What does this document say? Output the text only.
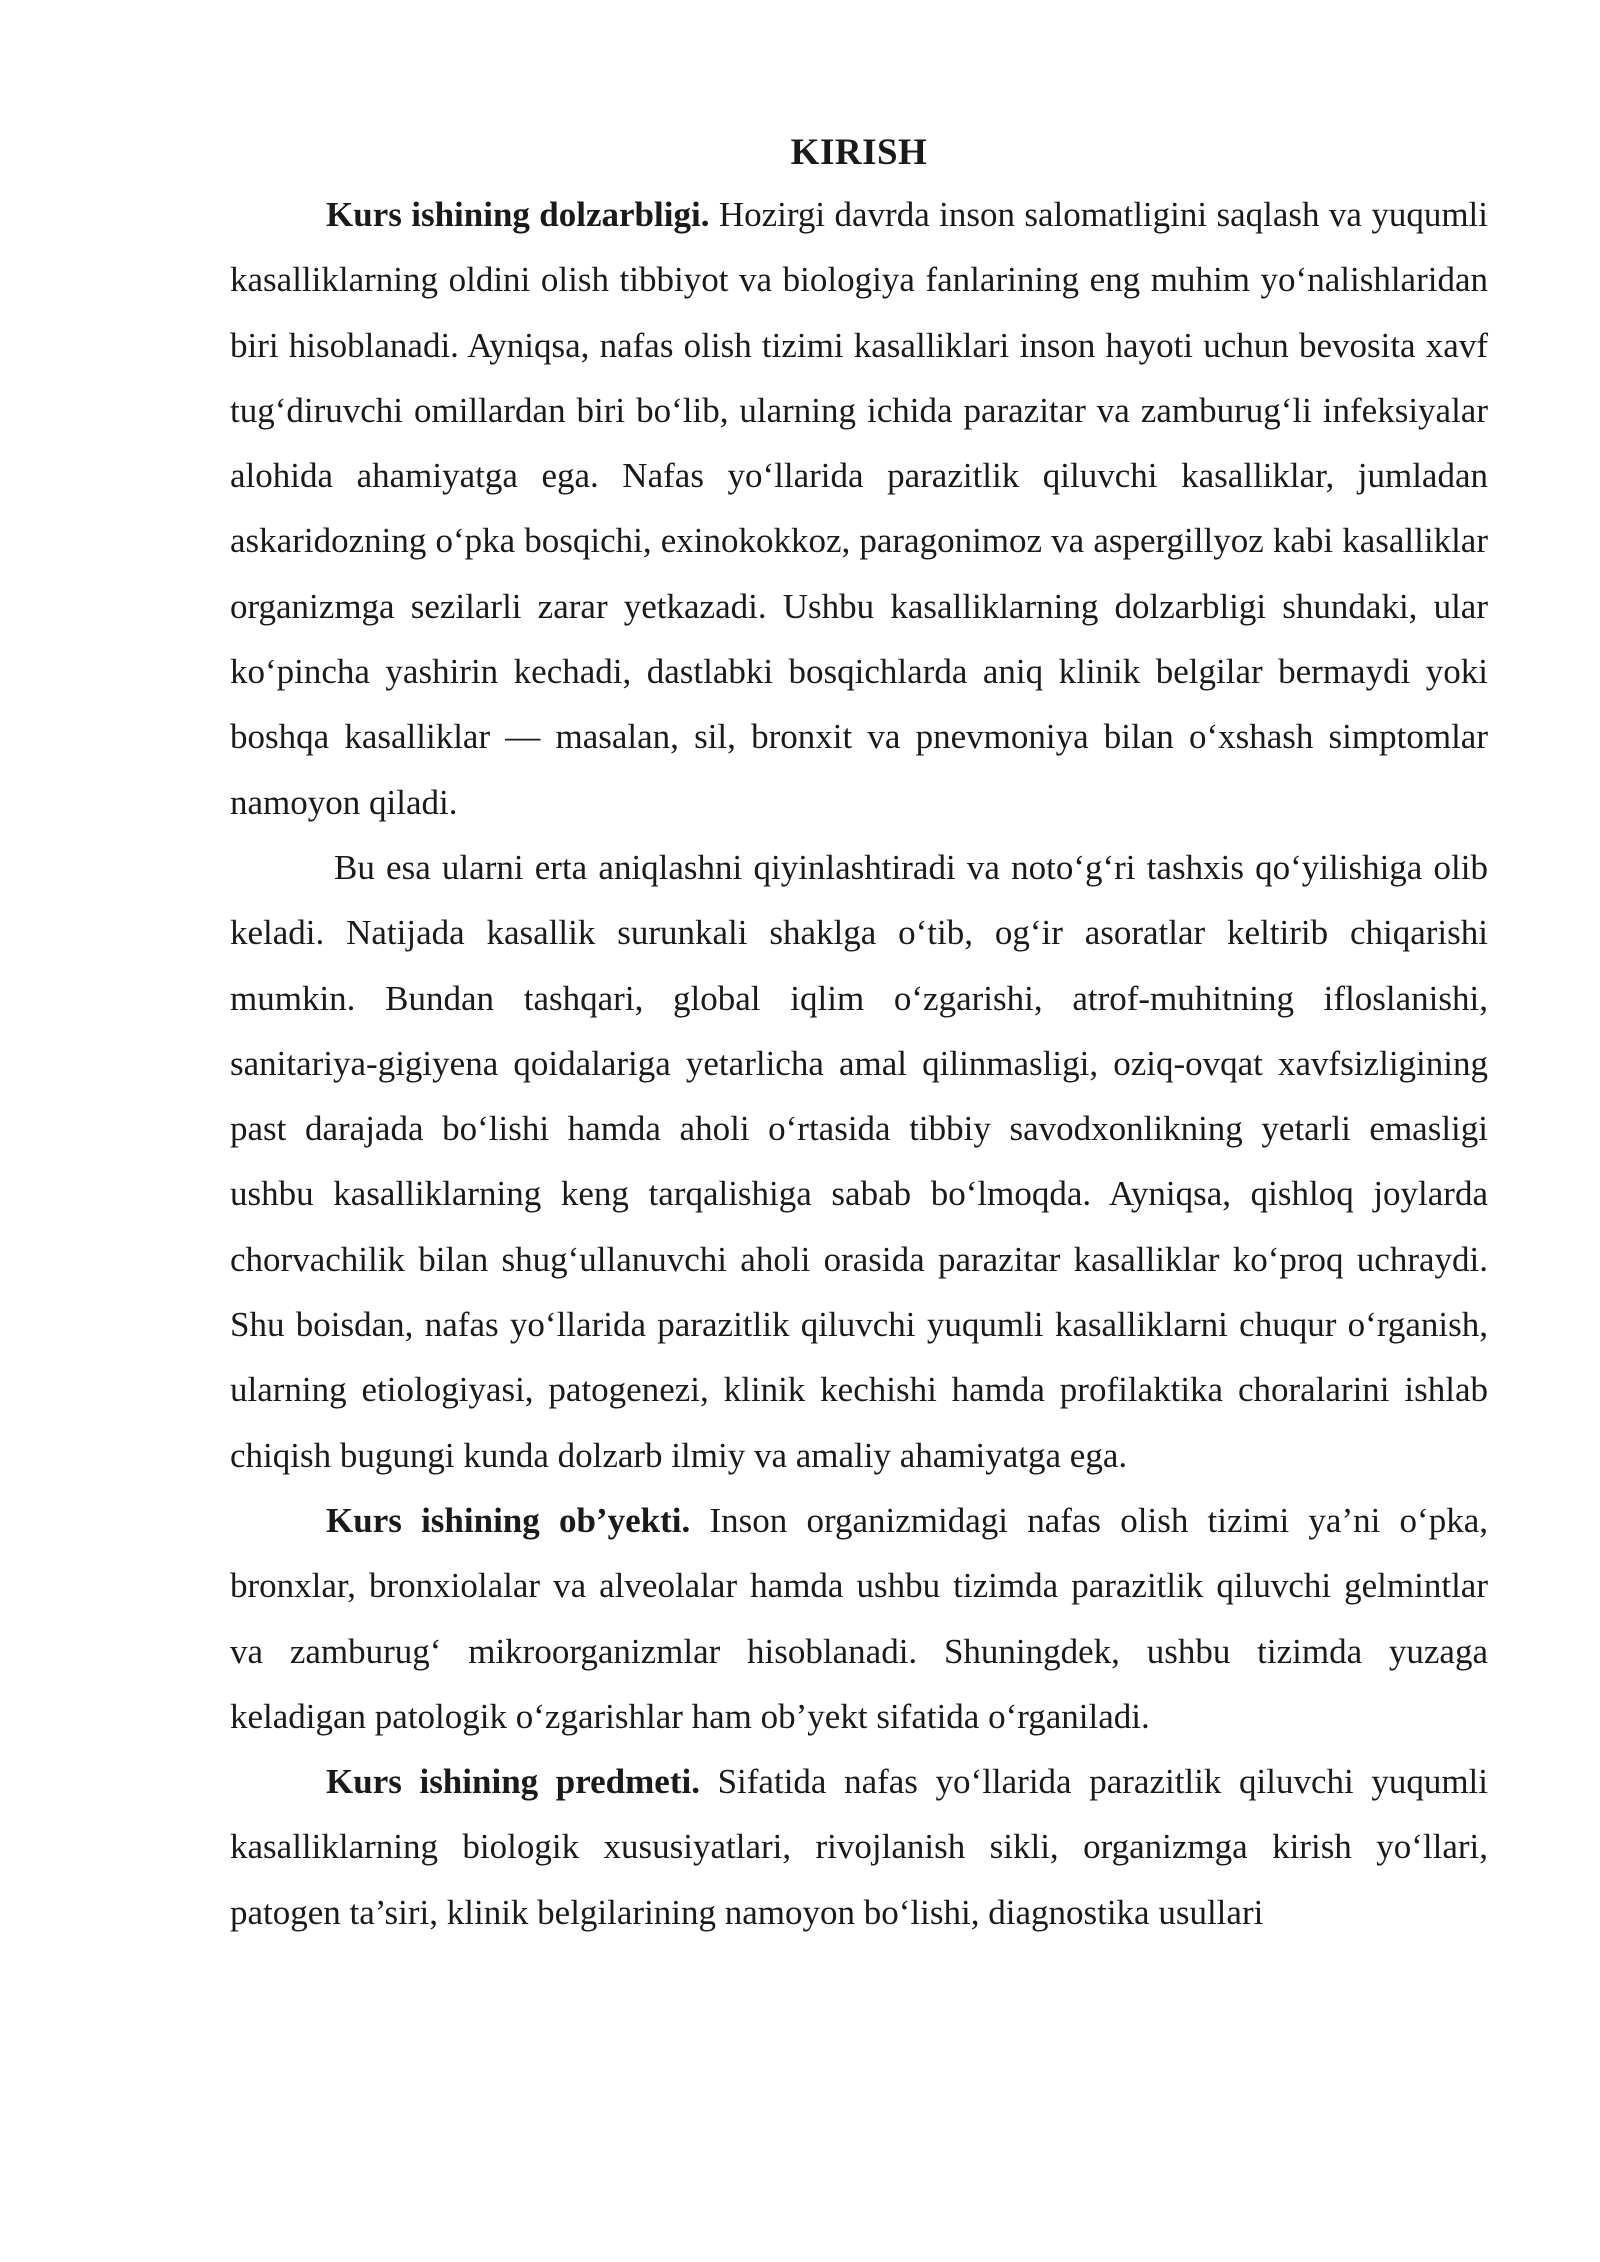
KIRISH

Kurs ishining dolzarbligi. Hozirgi davrda inson salomatligini saqlash va yuqumli kasalliklarning oldini olish tibbiyot va biologiya fanlarining eng muhim yo‘nalishlaridan biri hisoblanadi. Ayniqsa, nafas olish tizimi kasalliklari inson hayoti uchun bevosita xavf tug‘diruvchi omillardan biri bo‘lib, ularning ichida parazitar va zamburug‘li infeksiyalar alohida ahamiyatga ega. Nafas yo‘llarida parazitlik qiluvchi kasalliklar, jumladan askaridozning o‘pka bosqichi, exinokokkoz, paragonimoz va aspergillyoz kabi kasalliklar organizmga sezilarli zarar yetkazadi. Ushbu kasalliklarning dolzarbligi shundaki, ular ko‘pincha yashirin kechadi, dastlabki bosqichlarda aniq klinik belgilar bermaydi yoki boshqa kasalliklar — masalan, sil, bronxit va pnevmoniya bilan o‘xshash simptomlar namoyon qiladi.

Bu esa ularni erta aniqlashni qiyinlashtiradi va noto‘g‘ri tashxis qo‘yilishiga olib keladi. Natijada kasallik surunkali shaklga o‘tib, og‘ir asoratlar keltirib chiqarishi mumkin. Bundan tashqari, global iqlim o‘zgarishi, atrof-muhitning ifloslanishi, sanitariya-gigiyena qoidalariga yetarlicha amal qilinmasligi, oziq-ovqat xavfsizligining past darajada bo‘lishi hamda aholi o‘rtasida tibbiy savodxonlikning yetarli emasligi ushbu kasalliklarning keng tarqalishiga sabab bo‘lmoqda. Ayniqsa, qishloq joylarda chorvachilik bilan shug‘ullanuvchi aholi orasida parazitar kasalliklar ko‘proq uchraydi. Shu boisdan, nafas yo‘llarida parazitlik qiluvchi yuqumli kasalliklarni chuqur o‘rganish, ularning etiologiyasi, patogenezi, klinik kechishi hamda profilaktika choralarini ishlab chiqish bugungi kunda dolzarb ilmiy va amaliy ahamiyatga ega.

Kurs ishining ob’yekti. Inson organizmidagi nafas olish tizimi ya’ni o‘pka, bronxlar, bronxiolalar va alveolalar hamda ushbu tizimda parazitlik qiluvchi gelmintlar va zamburug‘ mikroorganizmlar hisoblanadi. Shuningdek, ushbu tizimda yuzaga keladigan patologik o‘zgarishlar ham ob’yekt sifatida o‘rganiladi.

Kurs ishining predmeti. Sifatida nafas yo‘llarida parazitlik qiluvchi yuqumli kasalliklarning biologik xususiyatlari, rivojlanish sikli, organizmga kirish yo‘llari, patogen ta’siri, klinik belgilarining namoyon bo‘lishi, diagnostika usullari
